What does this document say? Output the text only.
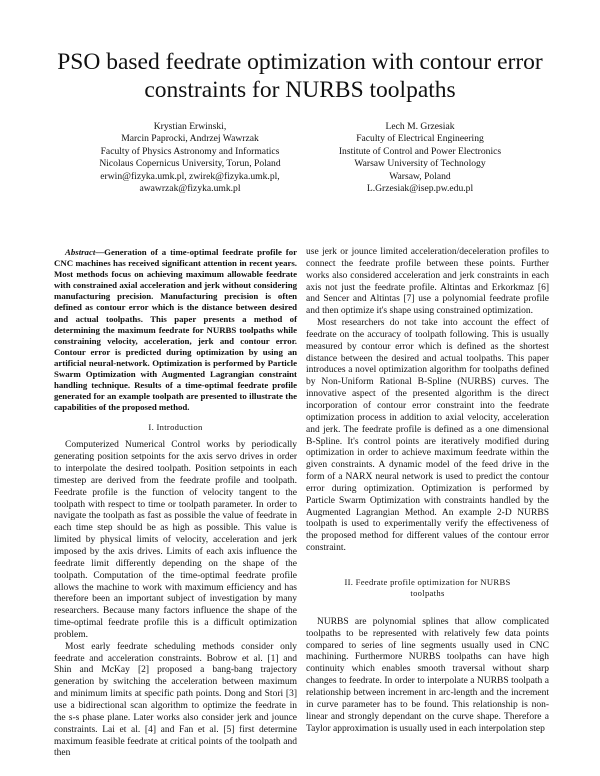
PSO based feedrate optimization with contour error
constraints for NURBS toolpaths
Krystian Erwinski,
Marcin Paprocki, Andrzej Wawrzak
Faculty of Physics Astronomy and Informatics
Nicolaus Copernicus University, Torun, Poland
erwin@fizyka.umk.pl, zwirek@fizyka.umk.pl,
awawrzak@fizyka.umk.pl
Lech M. Grzesiak
Faculty of Electrical Engineering
Institute of Control and Power Electronics
Warsaw University of Technology
Warsaw, Poland
L.Grzesiak@isep.pw.edu.pl

Abstract—Generation of a time-optimal feedrate profile for CNC machines has received significant attention in recent years. Most methods focus on achieving maximum allowable feedrate with constrained axial acceleration and jerk without considering manufacturing precision. Manufacturing precision is often defined as contour error which is the distance between desired and actual toolpaths. This paper presents a method of determining the maximum feedrate for NURBS toolpaths while constraining velocity, acceleration, jerk and contour error. Contour error is predicted during optimization by using an artificial neural-network. Optimization is performed by Particle Swarm Optimization with Augmented Lagrangian constraint handling technique. Results of a time-optimal feedrate profile generated for an example toolpath are presented to illustrate the capabilities of the proposed method.

I. Introduction

Computerized Numerical Control works by periodically generating position setpoints for the axis servo drives in order to interpolate the desired toolpath. Position setpoints in each timestep are derived from the feedrate profile and toolpath. Feedrate profile is the function of velocity tangent to the toolpath with respect to time or toolpath parameter. In order to navigate the toolpath as fast as possible the value of feedrate in each time step should be as high as possible. This value is limited by physical limits of velocity, acceleration and jerk imposed by the axis drives. Limits of each axis influence the feedrate limit differently depending on the shape of the toolpath. Computation of the time-optimal feedrate profile allows the machine to work with maximum efficiency and has therefore been an important subject of investigation by many researchers. Because many factors influence the shape of the time-optimal feedrate profile this is a difficult optimization problem.

Most early feedrate scheduling methods consider only feedrate and acceleration constraints. Bobrow et al. [1] and Shin and McKay [2] proposed a bang-bang trajectory generation by switching the acceleration between maximum and minimum limits at specific path points. Dong and Stori [3] use a bidirectional scan algorithm to optimize the feedrate in the s-s phase plane. Later works also consider jerk and jounce constraints. Lai et al. [4] and Fan et al. [5] first determine maximum feasible feedrate at critical points of the toolpath and then

use jerk or jounce limited acceleration/deceleration profiles to connect the feedrate profile between these points. Further works also considered acceleration and jerk constraints in each axis not just the feedrate profile. Altintas and Erkorkmaz [6] and Sencer and Altintas [7] use a polynomial feedrate profile and then optimize it's shape using constrained optimization.

Most researchers do not take into account the effect of feedrate on the accuracy of toolpath following. This is usually measured by contour error which is defined as the shortest distance between the desired and actual toolpaths. This paper introduces a novel optimization algorithm for toolpaths defined by Non-Uniform Rational B-Spline (NURBS) curves. The innovative aspect of the presented algorithm is the direct incorporation of contour error constraint into the feedrate optimization process in addition to axial velocity, acceleration and jerk. The feedrate profile is defined as a one dimensional B-Spline. It's control points are iteratively modified during optimization in order to achieve maximum feedrate within the given constraints. A dynamic model of the feed drive in the form of a NARX neural network is used to predict the contour error during optimization. Optimization is performed by Particle Swarm Optimization with constraints handled by the Augmented Lagrangian Method. An example 2-D NURBS toolpath is used to experimentally verify the effectiveness of the proposed method for different values of the contour error constraint.

II. Feedrate profile optimization for NURBS
toolpaths

NURBS are polynomial splines that allow complicated toolpaths to be represented with relatively few data points compared to series of line segments usually used in CNC machining. Furthermore NURBS toolpaths can have high continuity which enables smooth traversal without sharp changes to feedrate. In order to interpolate a NURBS toolpath a relationship between increment in arc-length and the increment in curve parameter has to be found. This relationship is non-linear and strongly dependant on the curve shape. Therefore a Taylor approximation is usually used in each interpolation step
